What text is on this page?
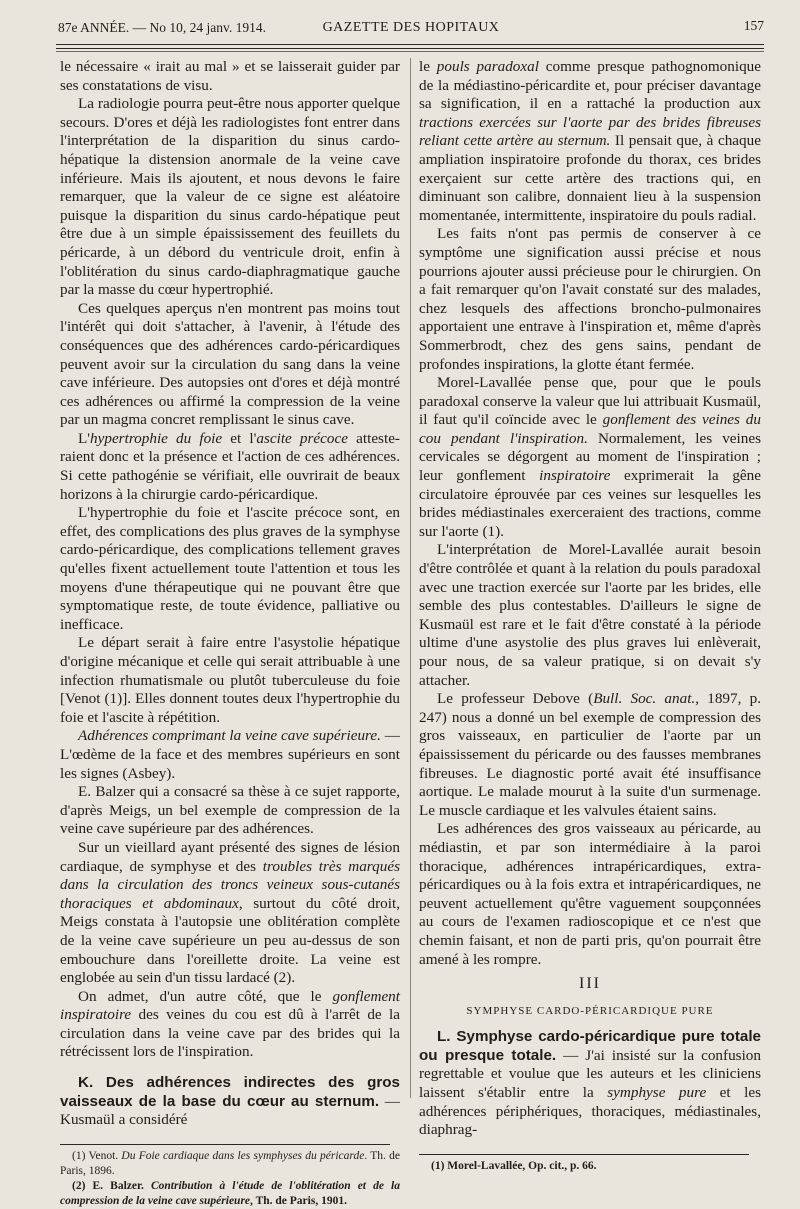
87e ANNÉE. — No 10, 24 janv. 1914.	GAZETTE DES HOPITAUX	157

le nécessaire « irait au mal » et se laisserait guider par ses constatations de visu.

La radiologie pourra peut-être nous apporter quelque secours. D'ores et déjà les radiologistes font entrer dans l'interprétation de la disparition du sinus cardo-hépatique la distension anormale de la veine cave inférieure. Mais ils ajoutent, et nous devons le faire remarquer, que la valeur de ce signe est aléatoire puisque la disparition du sinus cardo-hépatique peut être due à un simple épaississement des feuillets du péricarde, à un débord du ventricule droit, enfin à l'oblitération du sinus cardo-diaphragmatique gauche par la masse du cœur hypertrophié.

Ces quelques aperçus n'en montrent pas moins tout l'intérêt qui doit s'attacher, à l'avenir, à l'étude des conséquences que des adhérences cardo-péricardiques peuvent avoir sur la circulation du sang dans la veine cave inférieure. Des autopsies ont d'ores et déjà montré ces adhérences ou affirmé la compression de la veine par un magma concret remplissant le sinus cave.

L'hypertrophie du foie et l'ascite précoce atteste-raient donc et la présence et l'action de ces adhérences. Si cette pathogénie se vérifiait, elle ouvrirait de beaux horizons à la chirurgie cardo-péricardique.

L'hypertrophie du foie et l'ascite précoce sont, en effet, des complications des plus graves de la symphyse cardo-péricardique, des complications tellement graves qu'elles fixent actuellement toute l'attention et tous les moyens d'une thérapeutique qui ne pouvant être que symptomatique reste, de toute évidence, palliative ou inefficace.

Le départ serait à faire entre l'asystolie hépatique d'origine mécanique et celle qui serait attribuable à une infection rhumatismale ou plutôt tuberculeuse du foie [Venot (1)]. Elles donnent toutes deux l'hypertrophie du foie et l'ascite à répétition.

Adhérences comprimant la veine cave supérieure. — L'œdème de la face et des membres supérieurs en sont les signes (Asbey).

E. Balzer qui a consacré sa thèse à ce sujet rapporte, d'après Meigs, un bel exemple de compression de la veine cave supérieure par des adhérences.

Sur un vieillard ayant présenté des signes de lésion cardiaque, de symphyse et des troubles très marqués dans la circulation des troncs veineux sous-cutanés thoraciques et abdominaux, surtout du côté droit, Meigs constata à l'autopsie une oblitération complète de la veine cave supérieure un peu au-dessus de son embouchure dans l'oreillette droite. La veine est englobée au sein d'un tissu lardacé (2).

On admet, d'un autre côté, que le gonflement inspiratoire des veines du cou est dû à l'arrêt de la circulation dans la veine cave par des brides qui la rétrécissent lors de l'inspiration.

K. Des adhérences indirectes des gros vaisseaux de la base du cœur au sternum. — Kusmaül a considéré

(1) Venot. Du Foie cardiaque dans les symphyses du péricarde. Th. de Paris, 1896.

(2) E. Balzer. Contribution à l'étude de l'oblitération et de la compression de la veine cave supérieure, Th. de Paris, 1901.

le pouls paradoxal comme presque pathognomonique de la médiastino-péricardite et, pour préciser davantage sa signification, il en a rattaché la production aux tractions exercées sur l'aorte par des brides fibreuses reliant cette artère au sternum. Il pensait que, à chaque ampliation inspiratoire profonde du thorax, ces brides exerçaient sur cette artère des tractions qui, en diminuant son calibre, donnaient lieu à la suspension momentanée, intermittente, inspiratoire du pouls radial.

Les faits n'ont pas permis de conserver à ce symptôme une signification aussi précise et nous pourrions ajouter aussi précieuse pour le chirurgien. On a fait remarquer qu'on l'avait constaté sur des malades, chez lesquels des affections broncho-pulmonaires apportaient une entrave à l'inspiration et, même d'après Sommerbrodt, chez des gens sains, pendant de profondes inspirations, la glotte étant fermée.

Morel-Lavallée pense que, pour que le pouls paradoxal conserve la valeur que lui attribuait Kusmaül, il faut qu'il coïncide avec le gonflement des veines du cou pendant l'inspiration. Normalement, les veines cervicales se dégorgent au moment de l'inspiration ; leur gonflement inspiratoire exprimerait la gêne circulatoire éprouvée par ces veines sur lesquelles les brides médiastinales exerceraient des tractions, comme sur l'aorte (1).

L'interprétation de Morel-Lavallée aurait besoin d'être contrôlée et quant à la relation du pouls paradoxal avec une traction exercée sur l'aorte par les brides, elle semble des plus contestables. D'ailleurs le signe de Kusmaül est rare et le fait d'être constaté à la période ultime d'une asystolie des plus graves lui enlèverait, pour nous, de sa valeur pratique, si on devait s'y attacher.

Le professeur Debove (Bull. Soc. anat., 1897, p. 247) nous a donné un bel exemple de compression des gros vaisseaux, en particulier de l'aorte par un épaississement du péricarde ou des fausses membranes fibreuses. Le diagnostic porté avait été insuffisance aortique. Le malade mourut à la suite d'un surmenage. Le muscle cardiaque et les valvules étaient sains.

Les adhérences des gros vaisseaux au péricarde, au médiastin, et par son intermédiaire à la paroi thoracique, adhérences intrapéricardiques, extra-péricardiques ou à la fois extra et intrapéricardiques, ne peuvent actuellement qu'être vaguement soupçonnées au cours de l'examen radioscopique et ce n'est que chemin faisant, et non de parti pris, qu'on pourrait être amené à les rompre.

III
SYMPHYSE CARDO-PÉRICARDIQUE PURE

L. Symphyse cardo-péricardique pure totale ou presque totale. — J'ai insisté sur la confusion regrettable et voulue que les auteurs et les cliniciens laissent s'établir entre la symphyse pure et les adhérences périphériques, thoraciques, médiastinales, diaphrag-

(1) Morel-Lavallée, Op. cit., p. 66.
